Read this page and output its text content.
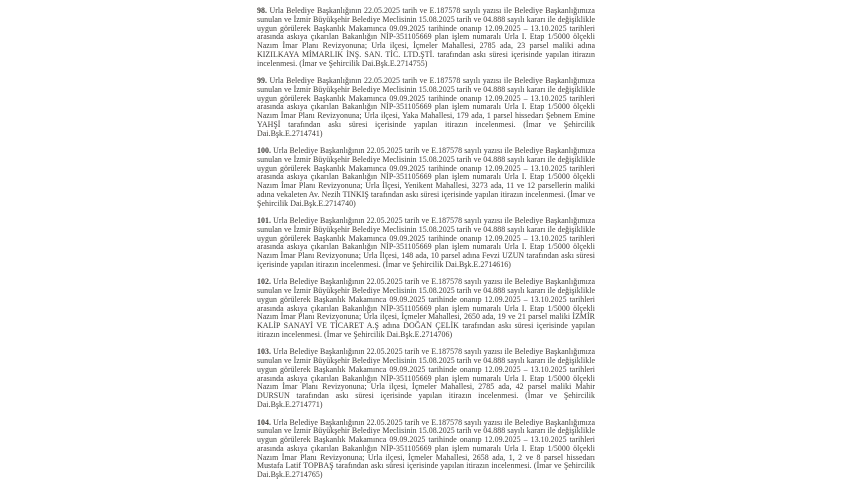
98. Urla Belediye Başkanlığının 22.05.2025 tarih ve E.187578 sayılı yazısı ile Belediye Başkanlığımıza sunulan ve İzmir Büyükşehir Belediye Meclisinin 15.08.2025 tarih ve 04.888 sayılı kararı ile değişiklikle uygun görülerek Başkanlık Makamınca 09.09.2025 tarihinde onanıp 12.09.2025 – 13.10.2025 tarihleri arasında askıya çıkarılan Bakanlığın NİP-351105669 plan işlem numaralı Urla I. Etap 1/5000 ölçekli Nazım İmar Planı Revizyonuna; Urla ilçesi, İçmeler Mahallesi, 2785 ada, 23 parsel maliki adına KIZILKAYA MİMARLIK İNŞ. SAN. TİC. LTD.ŞTİ. tarafından askı süresi içerisinde yapılan itirazın incelenmesi. (İmar ve Şehircilik Dai.Bşk.E.2714755)

99. Urla Belediye Başkanlığının 22.05.2025 tarih ve E.187578 sayılı yazısı ile Belediye Başkanlığımıza sunulan ve İzmir Büyükşehir Belediye Meclisinin 15.08.2025 tarih ve 04.888 sayılı kararı ile değişiklikle uygun görülerek Başkanlık Makamınca 09.09.2025 tarihinde onanıp 12.09.2025 – 13.10.2025 tarihleri arasında askıya çıkarılan Bakanlığın NİP-351105669 plan işlem numaralı Urla I. Etap 1/5000 ölçekli Nazım İmar Planı Revizyonuna; Urla ilçesi, Yaka Mahallesi, 179 ada, 1 parsel hissedarı Şebnem Emine YAHŞİ tarafından askı süresi içerisinde yapılan itirazın incelenmesi. (İmar ve Şehircilik Dai.Bşk.E.2714741)

100. Urla Belediye Başkanlığının 22.05.2025 tarih ve E.187578 sayılı yazısı ile Belediye Başkanlığımıza sunulan ve İzmir Büyükşehir Belediye Meclisinin 15.08.2025 tarih ve 04.888 sayılı kararı ile değişiklikle uygun görülerek Başkanlık Makamınca 09.09.2025 tarihinde onanıp 12.09.2025 – 13.10.2025 tarihleri arasında askıya çıkarılan Bakanlığın NİP-351105669 plan işlem numaralı Urla I. Etap 1/5000 ölçekli Nazım İmar Planı Revizyonuna; Urla İlçesi, Yenikent Mahallesi, 3273 ada, 11 ve 12 parsellerin maliki adına vekaleten Av. Nezih TINKIŞ tarafından askı süresi içerisinde yapılan itirazın incelenmesi. (İmar ve Şehircilik Dai.Bşk.E.2714740)

101. Urla Belediye Başkanlığının 22.05.2025 tarih ve E.187578 sayılı yazısı ile Belediye Başkanlığımıza sunulan ve İzmir Büyükşehir Belediye Meclisinin 15.08.2025 tarih ve 04.888 sayılı kararı ile değişiklikle uygun görülerek Başkanlık Makamınca 09.09.2025 tarihinde onanıp 12.09.2025 – 13.10.2025 tarihleri arasında askıya çıkarılan Bakanlığın NİP-351105669 plan işlem numaralı Urla I. Etap 1/5000 ölçekli Nazım İmar Planı Revizyonuna; Urla İlçesi, 148 ada, 10 parsel adına Fevzi UZUN tarafından askı süresi içerisinde yapılan itirazın incelenmesi. (İmar ve Şehircilik Dai.Bşk.E.2714616)

102. Urla Belediye Başkanlığının 22.05.2025 tarih ve E.187578 sayılı yazısı ile Belediye Başkanlığımıza sunulan ve İzmir Büyükşehir Belediye Meclisinin 15.08.2025 tarih ve 04.888 sayılı kararı ile değişiklikle uygun görülerek Başkanlık Makamınca 09.09.2025 tarihinde onanıp 12.09.2025 – 13.10.2025 tarihleri arasında askıya çıkarılan Bakanlığın NİP-351105669 plan işlem numaralı Urla I. Etap 1/5000 ölçekli Nazım İmar Planı Revizyonuna; Urla ilçesi, İçmeler Mahallesi, 2650 ada, 19 ve 21 parsel maliki İZMİR KALİP SANAYİ VE TİCARET A.Ş adına DOĞAN ÇELİK tarafından askı süresi içerisinde yapılan itirazın incelenmesi. (İmar ve Şehircilik Dai.Bşk.E.2714706)

103. Urla Belediye Başkanlığının 22.05.2025 tarih ve E.187578 sayılı yazısı ile Belediye Başkanlığımıza sunulan ve İzmir Büyükşehir Belediye Meclisinin 15.08.2025 tarih ve 04.888 sayılı kararı ile değişiklikle uygun görülerek Başkanlık Makamınca 09.09.2025 tarihinde onanıp 12.09.2025 – 13.10.2025 tarihleri arasında askıya çıkarılan Bakanlığın NİP-351105669 plan işlem numaralı Urla I. Etap 1/5000 ölçekli Nazım İmar Planı Revizyonuna; Urla ilçesi, İçmeler Mahallesi, 2785 ada, 42 parsel maliki Mahir DURSUN tarafından askı süresi içerisinde yapılan itirazın incelenmesi. (İmar ve Şehircilik Dai.Bşk.E.2714771)

104. Urla Belediye Başkanlığının 22.05.2025 tarih ve E.187578 sayılı yazısı ile Belediye Başkanlığımıza sunulan ve İzmir Büyükşehir Belediye Meclisinin 15.08.2025 tarih ve 04.888 sayılı kararı ile değişiklikle uygun görülerek Başkanlık Makamınca 09.09.2025 tarihinde onanıp 12.09.2025 – 13.10.2025 tarihleri arasında askıya çıkarılan Bakanlığın NİP-351105669 plan işlem numaralı Urla I. Etap 1/5000 ölçekli Nazım İmar Planı Revizyonuna; Urla ilçesi, İçmeler Mahallesi, 2658 ada, 1, 2 ve 8 parsel hissedarı Mustafa Latif TOPBAŞ tarafından askı süresi içerisinde yapılan itirazın incelenmesi. (İmar ve Şehircilik Dai.Bşk.E.2714765)
